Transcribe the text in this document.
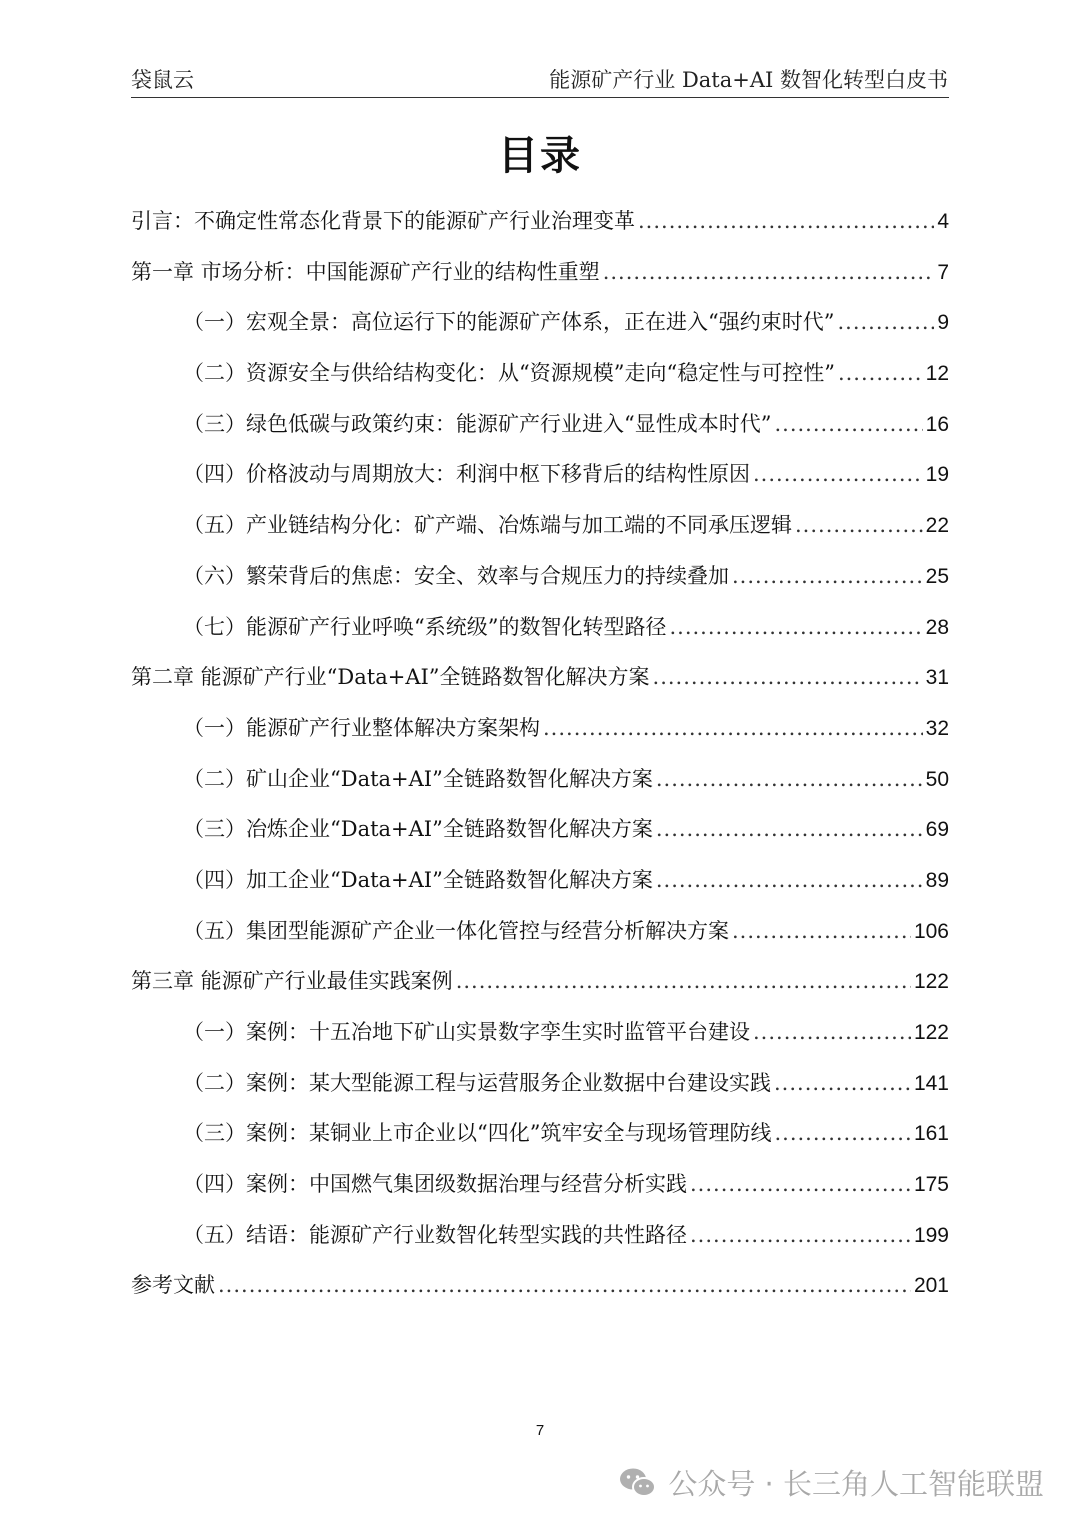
袋鼠云	能源矿产行业 Data+AI 数智化转型白皮书
目录
引言：不确定性常态化背景下的能源矿产行业治理变革 .....	4
第一章 市场分析：中国能源矿产行业的结构性重塑 .....	7
（一）宏观全景：高位运行下的能源矿产体系，正在进入“强约束时代” .....	9
（二）资源安全与供给结构变化：从“资源规模”走向“稳定性与可控性” .....	12
（三）绿色低碳与政策约束：能源矿产行业进入“显性成本时代” .....	16
（四）价格波动与周期放大：利润中枢下移背后的结构性原因 .....	19
（五）产业链结构分化：矿产端、冶炼端与加工端的不同承压逻辑 .....	22
（六）繁荣背后的焦虑：安全、效率与合规压力的持续叠加 .....	25
（七）能源矿产行业呼唤“系统级”的数智化转型路径 .....	28
第二章 能源矿产行业“Data+AI”全链路数智化解决方案 .....	31
（一）能源矿产行业整体解决方案架构 .....	32
（二）矿山企业“Data+AI”全链路数智化解决方案 .....	50
（三）冶炼企业“Data+AI”全链路数智化解决方案 .....	69
（四）加工企业“Data+AI”全链路数智化解决方案 .....	89
（五）集团型能源矿产企业一体化管控与经营分析解决方案 .....	106
第三章 能源矿产行业最佳实践案例 .....	122
（一）案例：十五冶地下矿山实景数字孪生实时监管平台建设 .....	122
（二）案例：某大型能源工程与运营服务企业数据中台建设实践 .....	141
（三）案例：某铜业上市企业以“四化”筑牢安全与现场管理防线 .....	161
（四）案例：中国燃气集团级数据治理与经营分析实践 .....	175
（五）结语：能源矿产行业数智化转型实践的共性路径 .....	199
参考文献 .....	201
7
公众号 · 长三角人工智能联盟
